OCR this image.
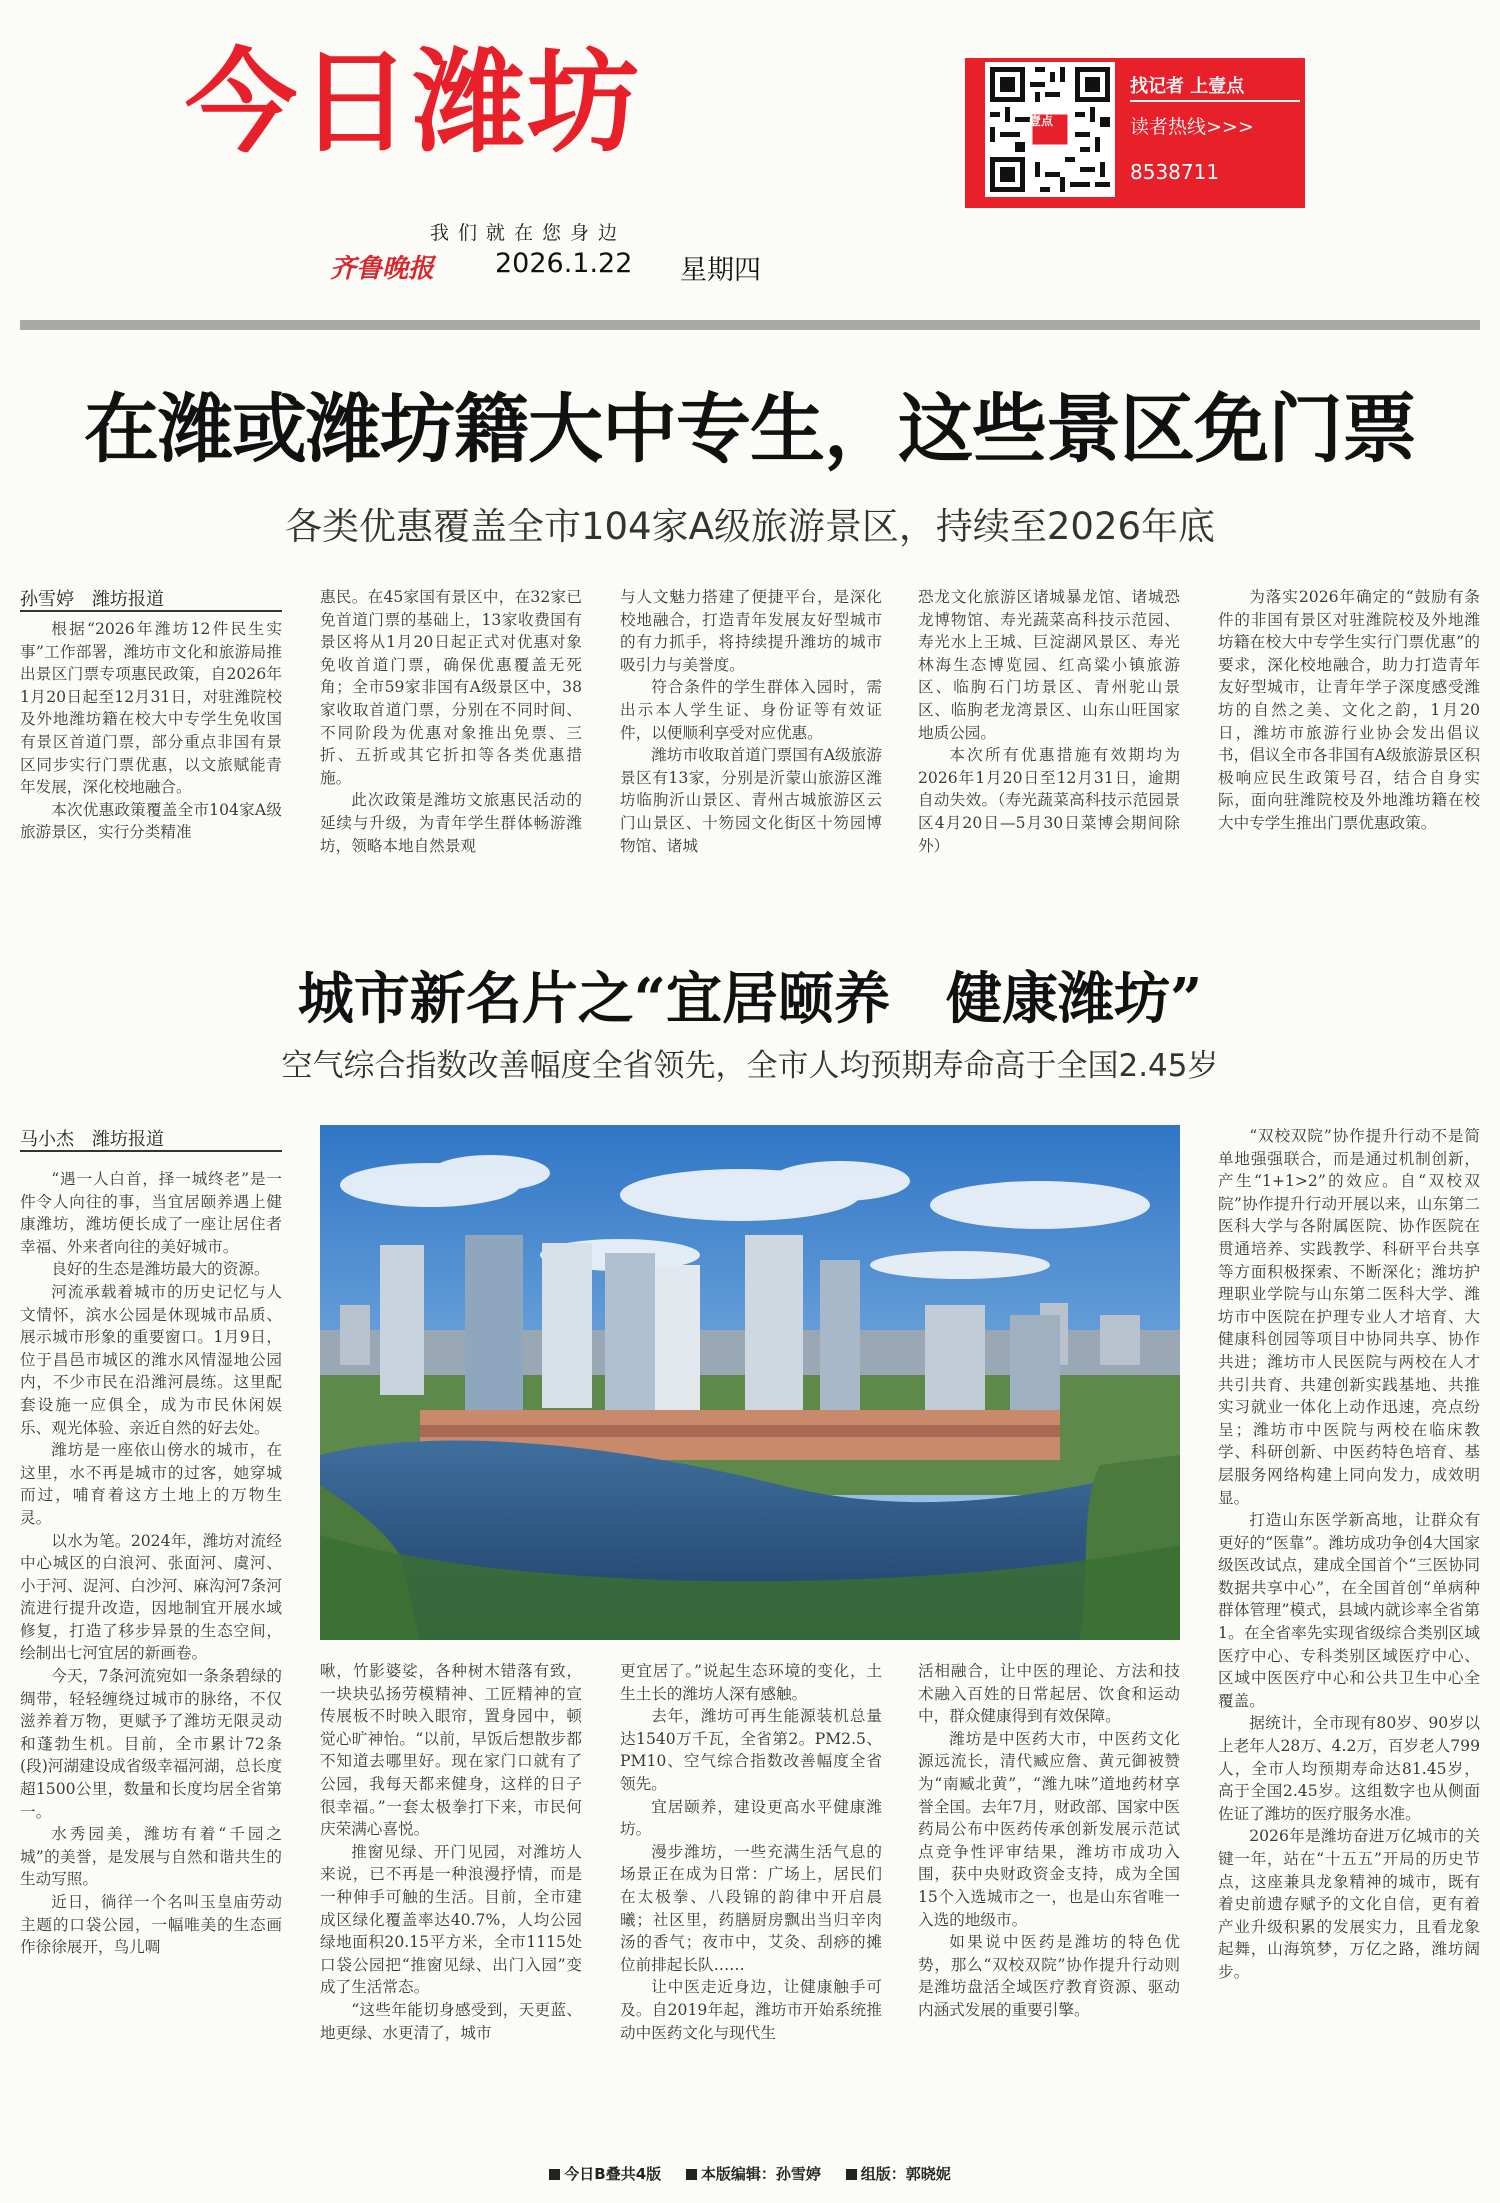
今日潍坊
我们就在您身边
齐鲁晚报 2026.1.22 星期四
壹点
找记者 上壹点
读者热线>>>
8538711
在潍或潍坊籍大中专生，这些景区免门票
各类优惠覆盖全市104家A级旅游景区，持续至2026年底
孙雪婷　潍坊报道

根据“2026年潍坊12件民生实事”工作部署，潍坊市文化和旅游局推出景区门票专项惠民政策，自2026年1月20日起至12月31日，对驻潍院校及外地潍坊籍在校大中专学生免收国有景区首道门票，部分重点非国有景区同步实行门票优惠，以文旅赋能青年发展，深化校地融合。

本次优惠政策覆盖全市104家A级旅游景区，实行分类精准

惠民。在45家国有景区中，在32家已免首道门票的基础上，13家收费国有景区将从1月20日起正式对优惠对象免收首道门票，确保优惠覆盖无死角；全市59家非国有A级景区中，38家收取首道门票，分别在不同时间、不同阶段为优惠对象推出免票、三折、五折或其它折扣等各类优惠措施。

此次政策是潍坊文旅惠民活动的延续与升级，为青年学生群体畅游潍坊，领略本地自然景观

与人文魅力搭建了便捷平台，是深化校地融合，打造青年发展友好型城市的有力抓手，将持续提升潍坊的城市吸引力与美誉度。

符合条件的学生群体入园时，需出示本人学生证、身份证等有效证件，以便顺利享受对应优惠。

潍坊市收取首道门票国有A级旅游景区有13家，分别是沂蒙山旅游区潍坊临朐沂山景区、青州古城旅游区云门山景区、十笏园文化街区十笏园博物馆、诸城

恐龙文化旅游区诸城暴龙馆、诸城恐龙博物馆、寿光蔬菜高科技示范园、寿光水上王城、巨淀湖风景区、寿光林海生态博览园、红高粱小镇旅游区、临朐石门坊景区、青州驼山景区、临朐老龙湾景区、山东山旺国家地质公园。

本次所有优惠措施有效期均为2026年1月20日至12月31日，逾期自动失效。（寿光蔬菜高科技示范园景区4月20日—5月30日菜博会期间除外）

为落实2026年确定的“鼓励有条件的非国有景区对驻潍院校及外地潍坊籍在校大中专学生实行门票优惠”的要求，深化校地融合，助力打造青年友好型城市，让青年学子深度感受潍坊的自然之美、文化之韵，1月20日，潍坊市旅游行业协会发出倡议书，倡议全市各非国有A级旅游景区积极响应民生政策号召，结合自身实际，面向驻潍院校及外地潍坊籍在校大中专学生推出门票优惠政策。

城市新名片之“宜居颐养　健康潍坊”
空气综合指数改善幅度全省领先，全市人均预期寿命高于全国2.45岁
马小杰　潍坊报道

“遇一人白首，择一城终老”是一件令人向往的事，当宜居颐养遇上健康潍坊，潍坊便长成了一座让居住者幸福、外来者向往的美好城市。

良好的生态是潍坊最大的资源。

河流承载着城市的历史记忆与人文情怀，滨水公园是休现城市品质、展示城市形象的重要窗口。1月9日，位于昌邑市城区的潍水风情湿地公园内，不少市民在沿潍河晨练。这里配套设施一应俱全，成为市民休闲娱乐、观光体验、亲近自然的好去处。

潍坊是一座依山傍水的城市，在这里，水不再是城市的过客，她穿城而过，哺育着这方土地上的万物生灵。

以水为笔。2024年，潍坊对流经中心城区的白浪河、张面河、虞河、小于河、浞河、白沙河、麻沟河7条河流进行提升改造，因地制宜开展水域修复，打造了移步异景的生态空间，绘制出七河宜居的新画卷。

今天，7条河流宛如一条条碧绿的绸带，轻轻缠绕过城市的脉络，不仅滋养着万物，更赋予了潍坊无限灵动和蓬勃生机。目前，全市累计72条(段)河湖建设成省级幸福河湖，总长度超1500公里，数量和长度均居全省第一。

水秀园美，潍坊有着“千园之城”的美誉，是发展与自然和谐共生的生动写照。

近日，徜徉一个名叫玉皇庙劳动主题的口袋公园，一幅唯美的生态画作徐徐展开，鸟儿啁

啾，竹影婆娑，各种树木错落有致，一块块弘扬劳模精神、工匠精神的宣传展板不时映入眼帘，置身园中，顿觉心旷神怡。“以前，早饭后想散步都不知道去哪里好。现在家门口就有了公园，我每天都来健身，这样的日子很幸福。”一套太极拳打下来，市民何庆荣满心喜悦。

推窗见绿、开门见园，对潍坊人来说，已不再是一种浪漫抒情，而是一种伸手可触的生活。目前，全市建成区绿化覆盖率达40.7%，人均公园绿地面积20.15平方米，全市1115处口袋公园把“推窗见绿、出门入园”变成了生活常态。

“这些年能切身感受到，天更蓝、地更绿、水更清了，城市

更宜居了。”说起生态环境的变化，土生土长的潍坊人深有感触。

去年，潍坊可再生能源装机总量达1540万千瓦，全省第2。PM2.5、PM10、空气综合指数改善幅度全省领先。

宜居颐养，建设更高水平健康潍坊。

漫步潍坊，一些充满生活气息的场景正在成为日常：广场上，居民们在太极拳、八段锦的韵律中开启晨曦；社区里，药膳厨房飘出当归辛肉汤的香气；夜市中，艾灸、刮痧的摊位前排起长队……

让中医走近身边，让健康触手可及。自2019年起，潍坊市开始系统推动中医药文化与现代生

活相融合，让中医的理论、方法和技术融入百姓的日常起居、饮食和运动中，群众健康得到有效保障。

潍坊是中医药大市，中医药文化源远流长，清代臧应詹、黄元御被赞为“南臧北黄”，“潍九味”道地药材享誉全国。去年7月，财政部、国家中医药局公布中医药传承创新发展示范试点竞争性评审结果，潍坊市成功入围，获中央财政资金支持，成为全国15个入选城市之一，也是山东省唯一入选的地级市。

如果说中医药是潍坊的特色优势，那么“双校双院”协作提升行动则是潍坊盘活全域医疗教育资源、驱动内涵式发展的重要引擎。

“双校双院”协作提升行动不是简单地强强联合，而是通过机制创新，产生“1+1>2”的效应。自“双校双院”协作提升行动开展以来，山东第二医科大学与各附属医院、协作医院在贯通培养、实践教学、科研平台共享等方面积极探索、不断深化；潍坊护理职业学院与山东第二医科大学、潍坊市中医院在护理专业人才培育、大健康科创园等项目中协同共享、协作共进；潍坊市人民医院与两校在人才共引共育、共建创新实践基地、共推实习就业一体化上动作迅速，亮点纷呈；潍坊市中医院与两校在临床教学、科研创新、中医药特色培育、基层服务网络构建上同向发力，成效明显。

打造山东医学新高地，让群众有更好的“医靠”。潍坊成功争创4大国家级医改试点，建成全国首个“三医协同数据共享中心”，在全国首创“单病种群体管理”模式，县域内就诊率全省第1。在全省率先实现省级综合类别区域医疗中心、专科类别区域医疗中心、区域中医医疗中心和公共卫生中心全覆盖。

据统计，全市现有80岁、90岁以上老年人28万、4.2万，百岁老人799人，全市人均预期寿命达81.45岁，高于全国2.45岁。这组数字也从侧面佐证了潍坊的医疗服务水准。

2026年是潍坊奋进万亿城市的关键一年，站在“十五五”开局的历史节点，这座兼具龙象精神的城市，既有着史前遗存赋予的文化自信，更有着产业升级积累的发展实力，且看龙象起舞，山海筑梦，万亿之路，潍坊阔步。

今日B叠共4版	本版编辑：孙雪婷	组版：郭晓妮
